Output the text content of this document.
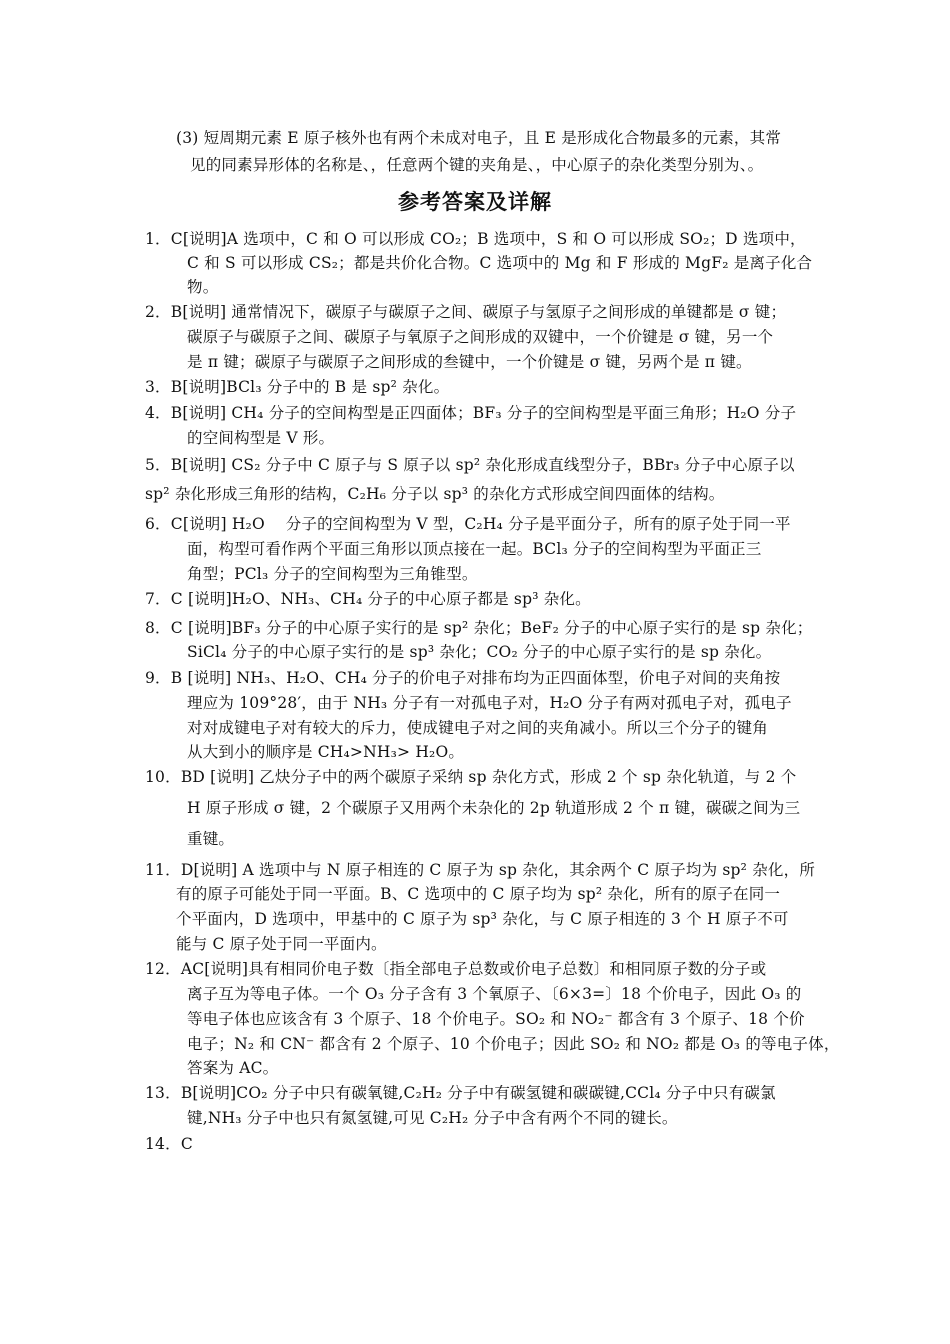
(3) 短周期元素 E 原子核外也有两个未成对电子，且 E 是形成化合物最多的元素，其常
见的同素异形体的名称是、，任意两个键的夹角是、，中心原子的杂化类型分别为、。
参考答案及详解
1．C[说明]A 选项中，C 和 O 可以形成 CO₂；B 选项中，S 和 O 可以形成 SO₂；D 选项中，
C 和 S 可以形成 CS₂；都是共价化合物。C 选项中的 Mg 和 F 形成的 MgF₂ 是离子化合
物。
2．B[说明] 通常情况下，碳原子与碳原子之间、碳原子与氢原子之间形成的单键都是 σ 键；
碳原子与碳原子之间、碳原子与氧原子之间形成的双键中，一个价键是 σ 键，另一个
是 π 键；碳原子与碳原子之间形成的叁键中，一个价键是 σ 键，另两个是 π 键。
3．B[说明]BCl₃ 分子中的 B 是 sp² 杂化。
4．B[说明] CH₄ 分子的空间构型是正四面体；BF₃ 分子的空间构型是平面三角形；H₂O 分子
的空间构型是 V 形。
5．B[说明] CS₂ 分子中 C 原子与 S 原子以 sp² 杂化形成直线型分子，BBr₃ 分子中心原子以
sp² 杂化形成三角形的结构，C₂H₆ 分子以 sp³ 的杂化方式形成空间四面体的结构。
6．C[说明] H₂O　 分子的空间构型为 V 型，C₂H₄ 分子是平面分子，所有的原子处于同一平
面，构型可看作两个平面三角形以顶点接在一起。BCl₃ 分子的空间构型为平面正三
角型；PCl₃ 分子的空间构型为三角锥型。
7．C [说明]H₂O、NH₃、CH₄ 分子的中心原子都是 sp³ 杂化。
8．C [说明]BF₃ 分子的中心原子实行的是 sp² 杂化；BeF₂ 分子的中心原子实行的是 sp 杂化；
SiCl₄ 分子的中心原子实行的是 sp³ 杂化；CO₂ 分子的中心原子实行的是 sp 杂化。
9．B [说明] NH₃、H₂O、CH₄ 分子的价电子对排布均为正四面体型，价电子对间的夹角按
理应为 109°28′，由于 NH₃ 分子有一对孤电子对，H₂O 分子有两对孤电子对，孤电子
对对成键电子对有较大的斥力，使成键电子对之间的夹角减小。所以三个分子的键角
从大到小的顺序是 CH₄>NH₃> H₂O。
10．BD [说明] 乙炔分子中的两个碳原子采纳 sp 杂化方式，形成 2 个 sp 杂化轨道，与 2 个
H 原子形成 σ 键，2 个碳原子又用两个未杂化的 2p 轨道形成 2 个 π 键，碳碳之间为三
重键。
11．D[说明] A 选项中与 N 原子相连的 C 原子为 sp 杂化，其余两个 C 原子均为 sp² 杂化，所
有的原子可能处于同一平面。B、C 选项中的 C 原子均为 sp² 杂化，所有的原子在同一
个平面内，D 选项中，甲基中的 C 原子为 sp³ 杂化，与 C 原子相连的 3 个 H 原子不可
能与 C 原子处于同一平面内。
12．AC[说明]具有相同价电子数〔指全部电子总数或价电子总数〕和相同原子数的分子或
离子互为等电子体。一个 O₃ 分子含有 3 个氧原子、〔6×3=〕18 个价电子，因此 O₃ 的
等电子体也应该含有 3 个原子、18 个价电子。SO₂ 和 NO₂⁻ 都含有 3 个原子、18 个价
电子；N₂ 和 CN⁻ 都含有 2 个原子、10 个价电子；因此 SO₂ 和 NO₂ 都是 O₃ 的等电子体，
答案为 AC。
13．B[说明]CO₂ 分子中只有碳氧键,C₂H₂ 分子中有碳氢键和碳碳键,CCl₄ 分子中只有碳氯
键,NH₃ 分子中也只有氮氢键,可见 C₂H₂ 分子中含有两个不同的键长。
14．C
